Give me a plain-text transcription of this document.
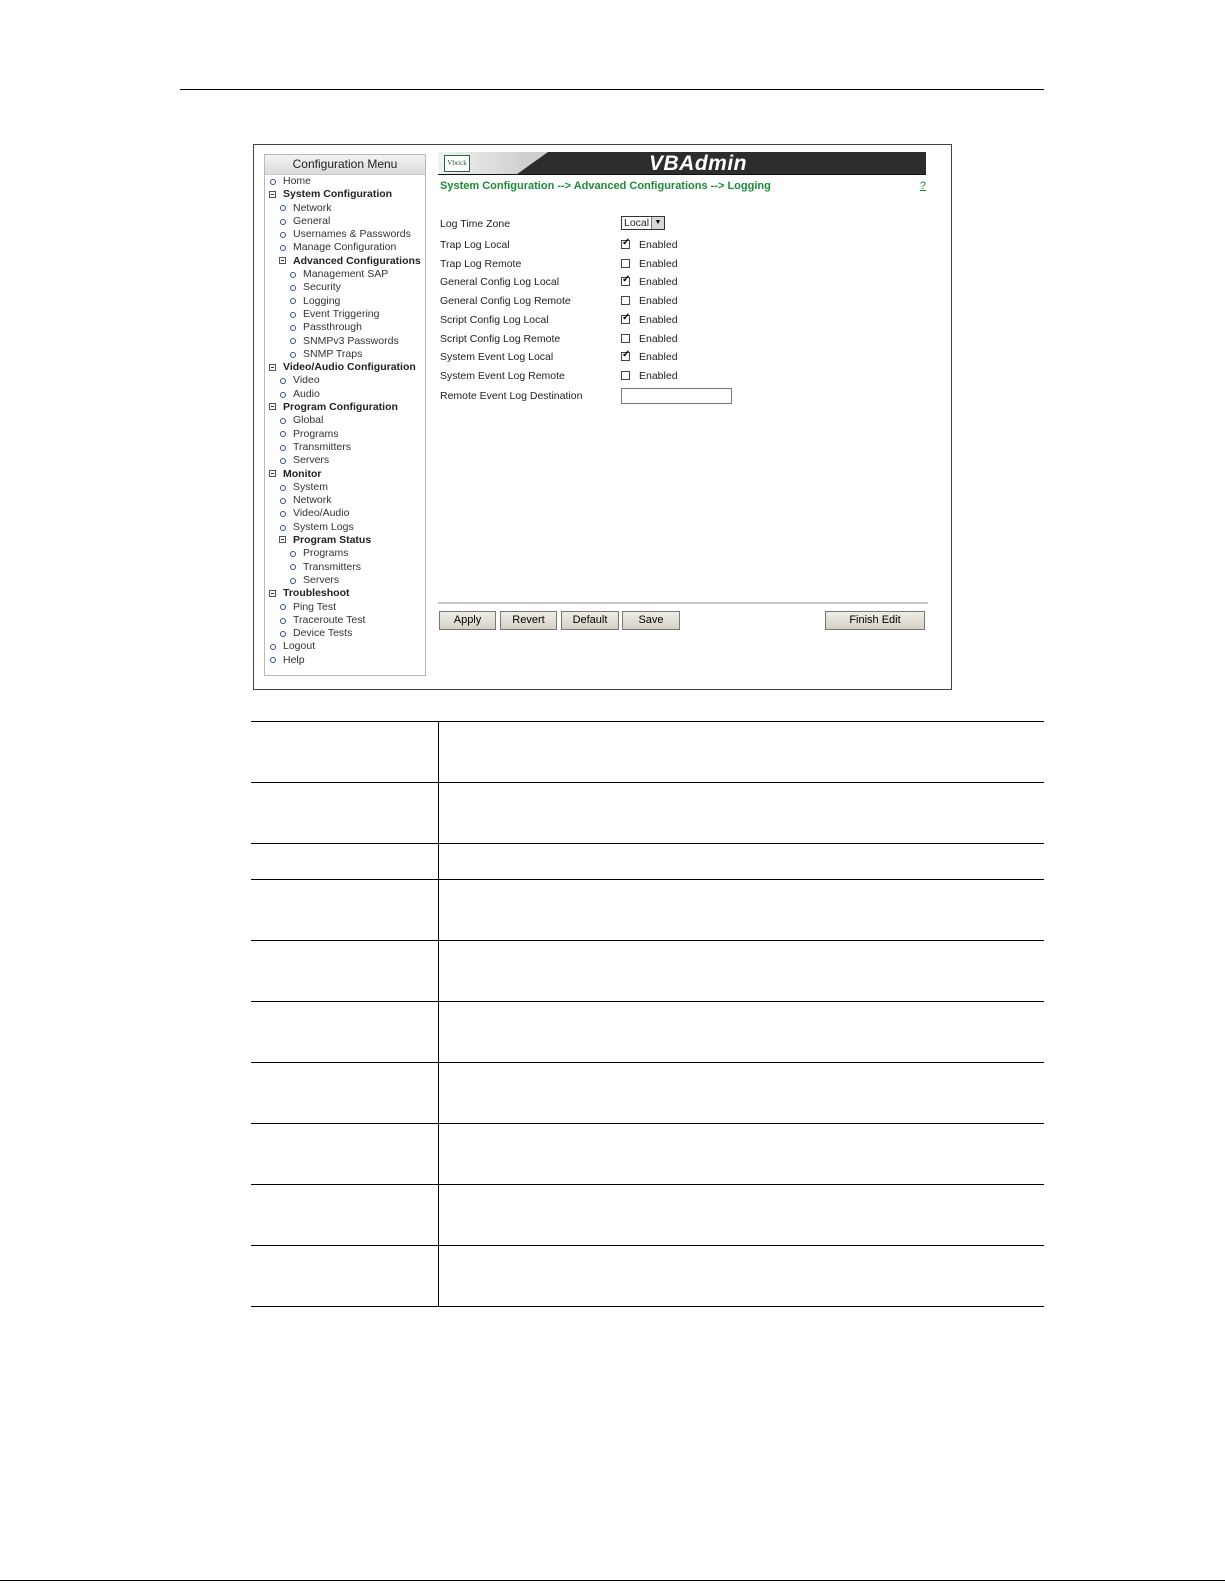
Configuration Menu
Home
System Configuration
Network
General
Usernames & Passwords
Manage Configuration
Advanced Configurations
Management SAP
Security
Logging
Event Triggering
Passthrough
SNMPv3 Passwords
SNMP Traps
Video/Audio Configuration
Video
Audio
Program Configuration
Global
Programs
Transmitters
Servers
Monitor
System
Network
Video/Audio
System Logs
Program Status
Programs
Transmitters
Servers
Troubleshoot
Ping Test
Traceroute Test
Device Tests
Logout
Help
Vbrick	VBAdmin
System Configuration --> Advanced Configurations --> Logging	?
Log Time Zone	Local ▼
Trap Log Local ✓	Enabled
Trap Log Remote	Enabled
General Config Log Local ✓	Enabled
General Config Log Remote	Enabled
Script Config Log Local ✓	Enabled
Script Config Log Remote	Enabled
System Event Log Local ✓	Enabled
System Event Log Remote	Enabled
Remote Event Log Destination
Apply	Revert	Default	Save	Finish Edit
